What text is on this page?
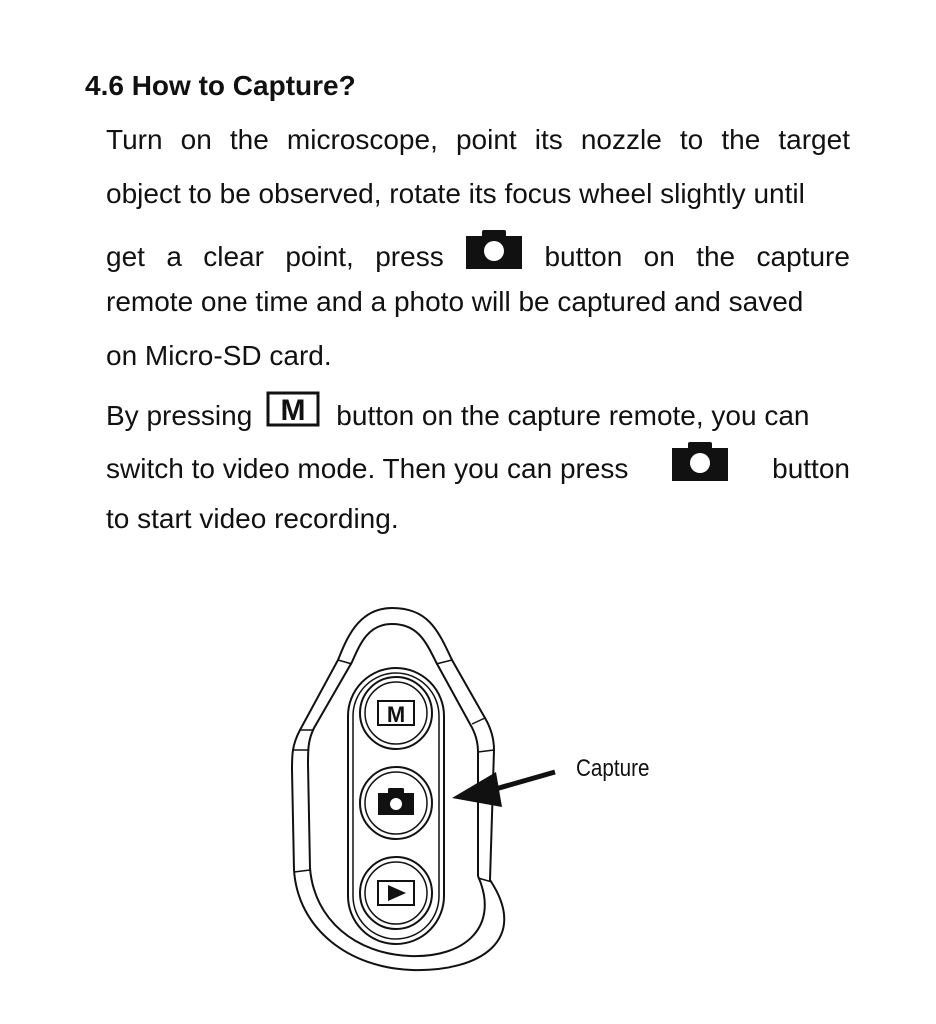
4.6 How to Capture?
Turn on the microscope, point its nozzle to the target
object to be observed, rotate its focus wheel slightly until
get a clear point, press	button on the capture
remote one time and a photo will be captured and saved
on Micro-SD card.
By pressing M button on the capture remote, you can
switch to video mode. Then you can press	button
to start video recording.
M
Capture
